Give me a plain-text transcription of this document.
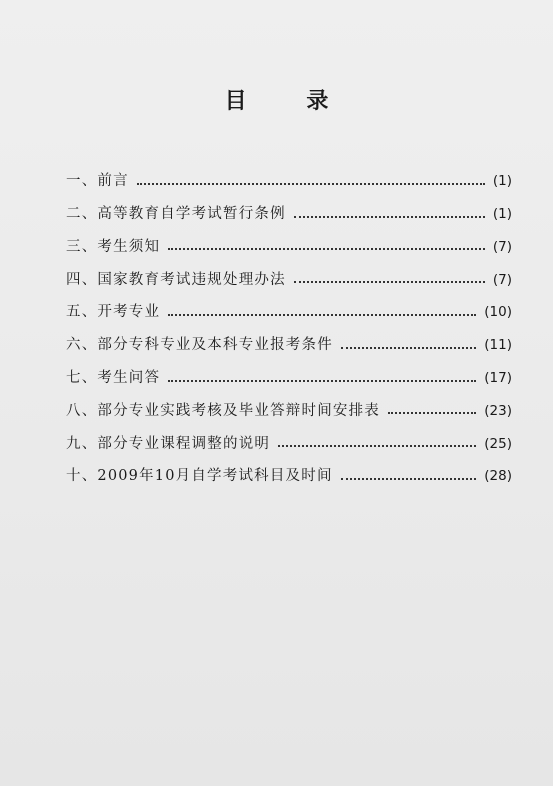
目 录
一、前言	(1)
二、高等教育自学考试暂行条例	(1)
三、考生须知	(7)
四、国家教育考试违规处理办法	(7)
五、开考专业	(10)
六、部分专科专业及本科专业报考条件	(11)
七、考生问答	(17)
八、部分专业实践考核及毕业答辩时间安排表	(23)
九、部分专业课程调整的说明	(25)
十、2009年10月自学考试科目及时间	(28)
